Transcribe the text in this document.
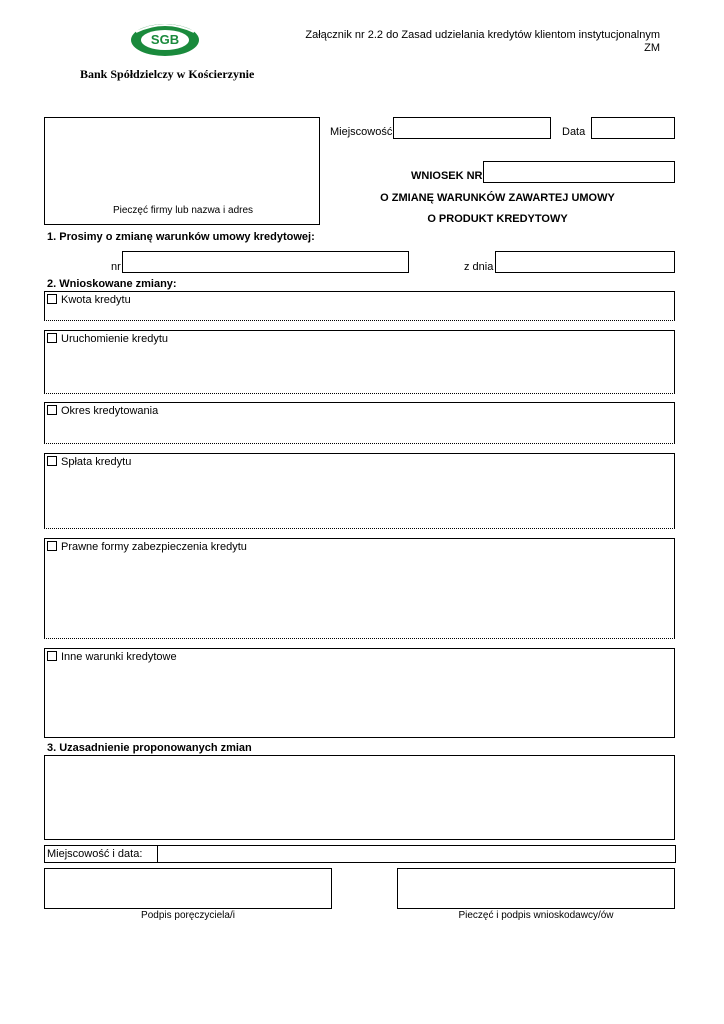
SGB
Bank Spółdzielczy w Kościerzynie
Załącznik nr 2.2 do Zasad udzielania kredytów klientom instytucjonalnym
ZM
Pieczęć firmy lub nazwa i adres
Miejscowość	Data
WNIOSEK NR
O ZMIANĘ WARUNKÓW ZAWARTEJ UMOWY
O PRODUKT KREDYTOWY
1. Prosimy o zmianę warunków umowy kredytowej:
nr	z dnia
2. Wnioskowane zmiany:
Kwota kredytu
Uruchomienie kredytu
Okres kredytowania
Spłata kredytu
Prawne formy zabezpieczenia kredytu
Inne warunki kredytowe
3. Uzasadnienie proponowanych zmian
Miejscowość i data:
Podpis poręczyciela/i	Pieczęć i podpis wnioskodawcy/ów
